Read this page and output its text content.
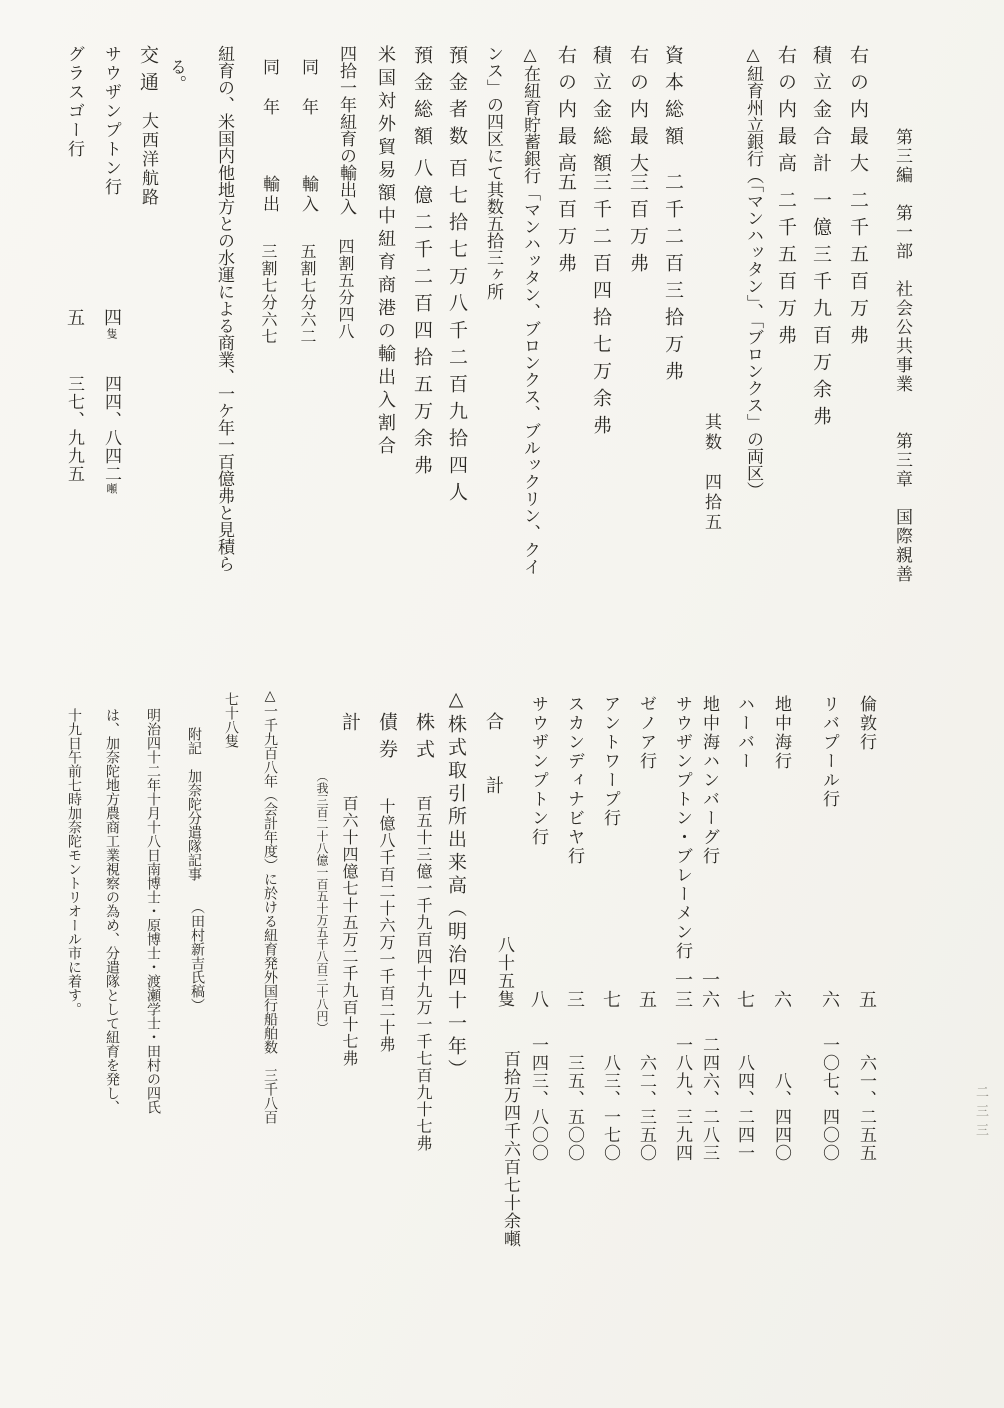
第三編　第一部　社会公共事業　　第三章　国際親善
二三三
右の内最大
二千五百万弗
積立金合計
一億三千九百万余弗
右の内最高
二千五百万弗
△紐育州立銀行（「マンハッタン」、「ブロンクス」の両区）
其数　四拾五
資本総額
二千二百三拾万弗
右の内最大
三百万弗
積立金総額
三千二百四拾七万余弗
右の内最高
五百万弗
△在紐育貯蓄銀行「マンハッタン、ブロンクス、ブルックリン、クイ
ンス」の四区にて其数五拾三ヶ所
預金者数
百七拾七万八千二百九拾四人
預金総額
八億二千二百四拾五万余弗
米国対外貿易額中紐育商港の輸出入割合
四拾一年紐育の輸出入
四割五分四八
同　年
輸入
五割七分六二
同　年
輸出
三割七分六七
紐育の、米国内他地方との水運による商業、一ケ年一百億弗と見積ら
る。
交通
大西洋航路
サウザンプトン行
四隻
四四、八四二噸
グラスゴー行
五
三七、九九五
倫敦行
五
六一、二五五
リバプール行
六
一〇七、四〇〇
地中海行
六
八、四四〇
ハーバー
七
八四、二四一
地中海ハンバーグ行
一六
二四六、二八三
サウザンプトン・ブレーメン行
一三
一八九、三九四
ゼノア行
五
六二、三五〇
アントワープ行
七
八三、一七〇
スカンディナビヤ行
三
三五、五〇〇
サウザンプトン行
八
一四三、八〇〇
合　計
八十五隻
百拾万四千六百七十余噸
△株式取引所出来高（明治四十一年）
株式
百五十三億一千九百四十九万一千七百九十七弗
債券
十億八千百二十六万一千百二十弗
計
百六十四億七十五万二千九百十七弗
（我三百二十八億一百五十万五千八百三十八円）
△一千九百八年（会計年度）に於ける紐育発外国行船舶数　三千八百
七十八隻
附記　加奈陀分遣隊記事
（田村新吉氏稿）
明治四十二年十月十八日南博士・原博士・渡瀬学士・田村の四氏
は、加奈陀地方農商工業視察の為め、分遣隊として紐育を発し、
十九日午前七時加奈陀モントリオール市に着す。
